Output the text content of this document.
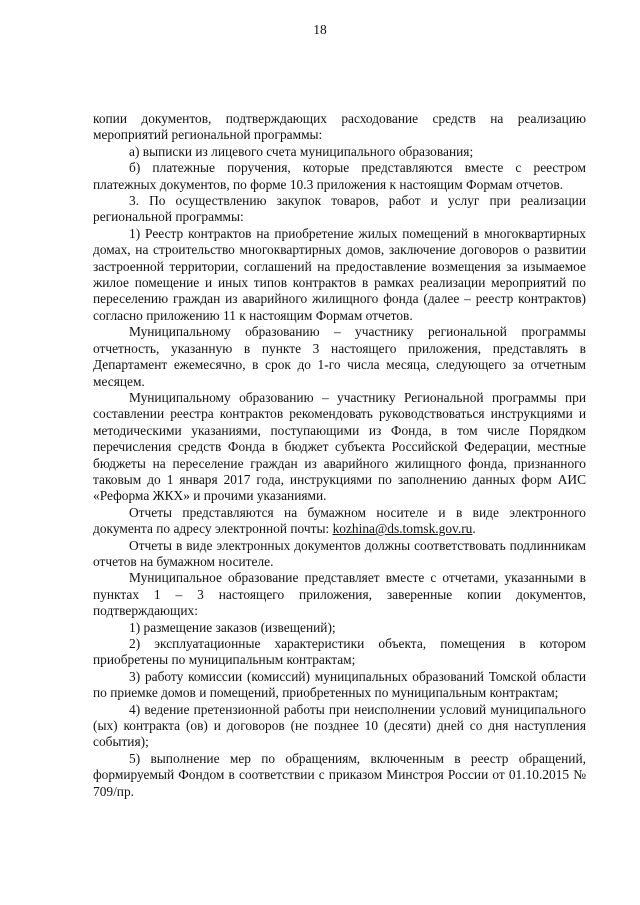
18

копии документов, подтверждающих расходование средств на реализацию мероприятий региональной программы:

а) выписки из лицевого счета муниципального образования;

б) платежные поручения, которые представляются вместе с реестром платежных документов, по форме 10.3 приложения к настоящим Формам отчетов.

3. По осуществлению закупок товаров, работ и услуг при реализации региональной программы:

1) Реестр контрактов на приобретение жилых помещений в многоквартирных домах, на строительство многоквартирных домов, заключение договоров о развитии застроенной территории, соглашений на предоставление возмещения за изымаемое жилое помещение и иных типов контрактов в рамках реализации мероприятий по переселению граждан из аварийного жилищного фонда (далее – реестр контрактов) согласно приложению 11 к настоящим Формам отчетов.

Муниципальному образованию – участнику региональной программы отчетность, указанную в пункте 3 настоящего приложения, представлять в Департамент ежемесячно, в срок до 1-го числа месяца, следующего за отчетным месяцем.

Муниципальному образованию – участнику Региональной программы при составлении реестра контрактов рекомендовать руководствоваться инструкциями и методическими указаниями, поступающими из Фонда, в том числе Порядком перечисления средств Фонда в бюджет субъекта Российской Федерации, местные бюджеты на переселение граждан из аварийного жилищного фонда, признанного таковым до 1 января 2017 года, инструкциями по заполнению данных форм АИС «Реформа ЖКХ» и прочими указаниями.

Отчеты представляются на бумажном носителе и в виде электронного документа по адресу электронной почты: kozhina@ds.tomsk.gov.ru.

Отчеты в виде электронных документов должны соответствовать подлинникам отчетов на бумажном носителе.

Муниципальное образование представляет вместе с отчетами, указанными в пунктах 1 – 3 настоящего приложения, заверенные копии документов, подтверждающих:

1) размещение заказов (извещений);

2) эксплуатационные характеристики объекта, помещения в котором приобретены по муниципальным контрактам;

3) работу комиссии (комиссий) муниципальных образований Томской области по приемке домов и помещений, приобретенных по муниципальным контрактам;

4) ведение претензионной работы при неисполнении условий муниципального (ых) контракта (ов) и договоров (не позднее 10 (десяти) дней со дня наступления события);

5) выполнение мер по обращениям, включенным в реестр обращений, формируемый Фондом в соответствии с приказом Минстроя России от 01.10.2015 № 709/пр.
